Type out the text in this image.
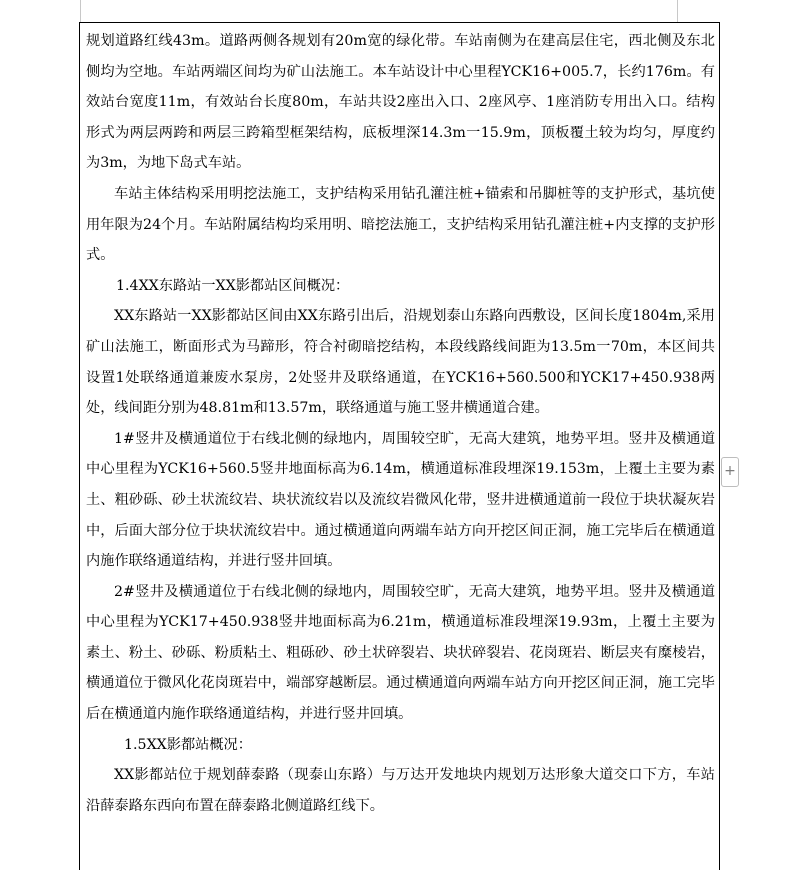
规划道路红线43m。道路两侧各规划有20m宽的绿化带。车站南侧为在建高层住宅，西北侧及东北侧均为空地。车站两端区间均为矿山法施工。本车站设计中心里程YCK16+005.7，长约176m。有效站台宽度11m，有效站台长度80m，车站共设2座出入口、2座风亭、1座消防专用出入口。结构形式为两层两跨和两层三跨箱型框架结构，底板埋深14.3m一15.9m，顶板覆土较为均匀，厚度约为3m，为地下岛式车站。

车站主体结构采用明挖法施工，支护结构采用钻孔灌注桩+锚索和吊脚桩等的支护形式，基坑使用年限为24个月。车站附属结构均采用明、暗挖法施工，支护结构采用钻孔灌注桩+内支撑的支护形式。

1.4XX东路站一XX影都站区间概况：

XX东路站一XX影都站区间由XX东路引出后，沿规划泰山东路向西敷设，区间长度1804m,采用矿山法施工，断面形式为马蹄形，符合衬砌暗挖结构，本段线路线间距为13.5m一70m，本区间共设置1处联络通道兼废水泵房，2处竖井及联络通道，在YCK16+560.500和YCK17+450.938两处，线间距分别为48.81m和13.57m，联络通道与施工竖井横通道合建。

1#竖井及横通道位于右线北侧的绿地内，周围较空旷，无高大建筑，地势平坦。竖井及横通道中心里程为YCK16+560.5竖井地面标高为6.14m，横通道标准段埋深19.153m，上覆土主要为素土、粗砂砾、砂土状流纹岩、块状流纹岩以及流纹岩微风化带，竖井进横通道前一段位于块状凝灰岩中，后面大部分位于块状流纹岩中。通过横通道向两端车站方向开挖区间正洞，施工完毕后在横通道内施作联络通道结构，并进行竖井回填。

2#竖井及横通道位于右线北侧的绿地内，周围较空旷，无高大建筑，地势平坦。竖井及横通道中心里程为YCK17+450.938竖井地面标高为6.21m，横通道标准段埋深19.93m，上覆土主要为素土、粉土、砂砾、粉质粘土、粗砾砂、砂土状碎裂岩、块状碎裂岩、花岗斑岩、断层夹有糜棱岩，横通道位于微风化花岗斑岩中，端部穿越断层。通过横通道向两端车站方向开挖区间正洞，施工完毕后在横通道内施作联络通道结构，并进行竖井回填。

1.5XX影都站概况：

XX影都站位于规划薛泰路（现泰山东路）与万达开发地块内规划万达形象大道交口下方，车站沿薛泰路东西向布置在薛泰路北侧道路红线下。

+
